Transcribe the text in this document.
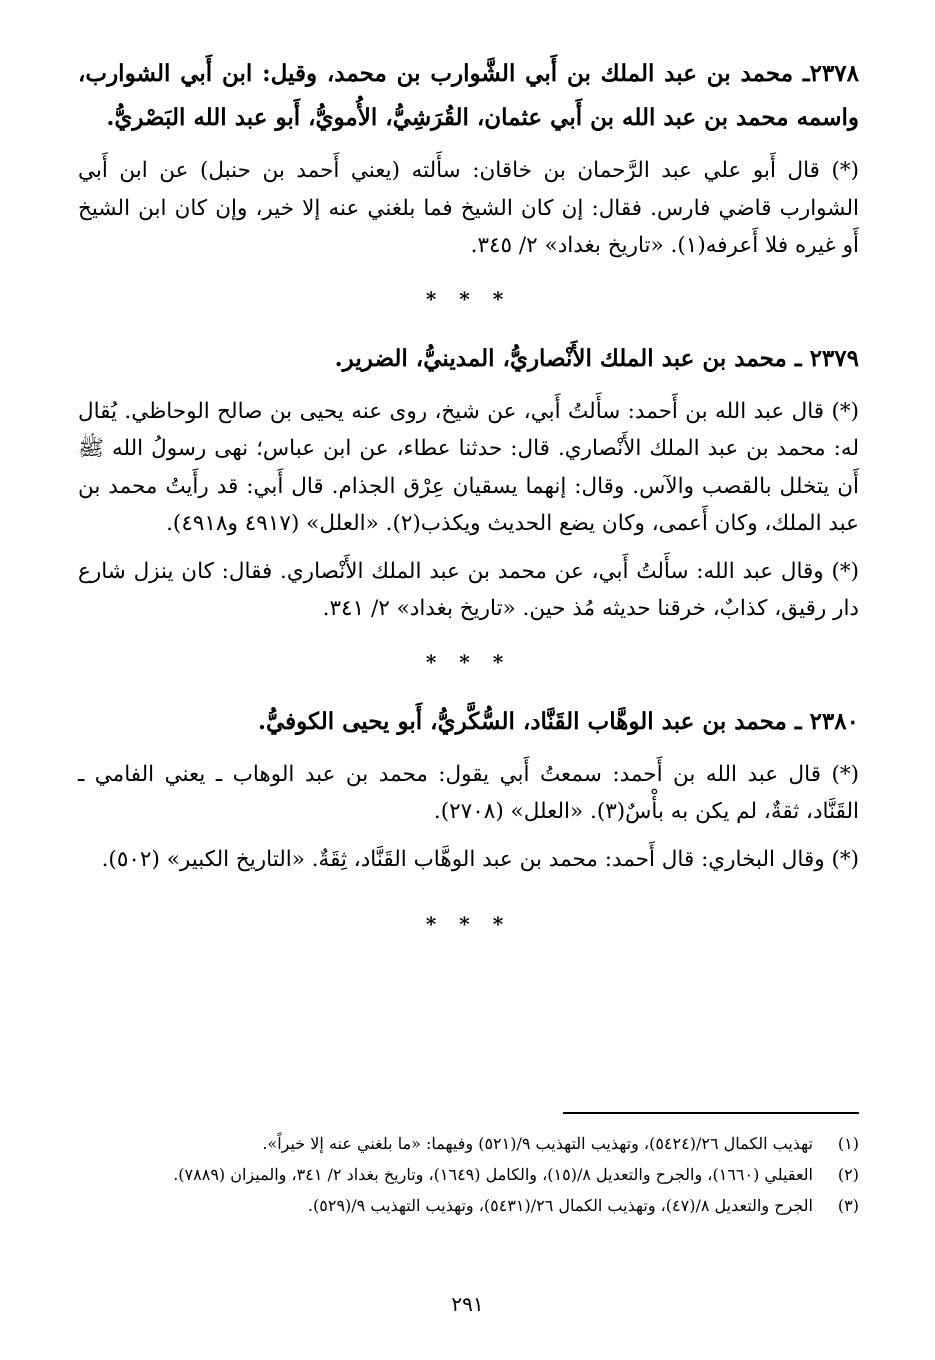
٢٣٧٨ـ محمد بن عبد الملك بن أَبي الشَّوارب بن محمد، وقيل: ابن أَبي الشوارب، واسمه محمد بن عبد الله بن أَبي عثمان، القُرَشِيُّ، الأُمويُّ، أَبو عبد الله البَصْريُّ.

(*) قال أَبو علي عبد الرَّحمان بن خاقان: سأَلته (يعني أَحمد بن حنبل) عن ابن أَبي الشوارب قاضي فارس. فقال: إن كان الشيخ فما بلغني عنه إلا خير، وإن كان ابن الشيخ أَو غيره فلا أَعرفه(١). «تاريخ بغداد» ٢/ ٣٤٥.

* * *

٢٣٧٩ ـ محمد بن عبد الملك الأَنْصاريُّ، المدينيُّ، الضرير.

(*) قال عبد الله بن أَحمد: سأَلتُ أَبي، عن شيخ، روى عنه يحيى بن صالح الوحاظي. يُقال له: محمد بن عبد الملك الأَنْصاري. قال: حدثنا عطاء، عن ابن عباس؛ نهى رسولُ الله ﷺ أَن يتخلل بالقصب والآس. وقال: إنهما يسقيان عِرْق الجذام. قال أَبي: قد رأَيتُ محمد بن عبد الملك، وكان أَعمى، وكان يضع الحديث ويكذب(٢). «العلل» (٤٩١٧ و٤٩١٨).

(*) وقال عبد الله: سأَلتُ أَبي، عن محمد بن عبد الملك الأَنْصاري. فقال: كان ينزل شارع دار رقيق، كذابٌ، خرقنا حديثه مُذ حين. «تاريخ بغداد» ٢/ ٣٤١.

* * *

٢٣٨٠ ـ محمد بن عبد الوهَّاب القَنَّاد، السُّكَّريُّ، أَبو يحيى الكوفيُّ.

(*) قال عبد الله بن أَحمد: سمعتُ أَبي يقول: محمد بن عبد الوهاب ـ يعني الفامي ـ القَنَّاد، ثقةٌ، لم يكن به بأْسٌ(٣). «العلل» (٢٧٠٨).

(*) وقال البخاري: قال أَحمد: محمد بن عبد الوهَّاب القَنَّاد، ثِقَةٌ. «التاريخ الكبير» (٥٠٢).

* * *
(١)
تهذيب الكمال ٢٦/(٥٤٢٤)، وتهذيب التهذيب ٩/(٥٢١) وفيهما: «ما بلغني عنه إلا خيراً».
(٢)
العقيلي (١٦٦٠)، والجرح والتعديل ٨/(١٥)، والكامل (١٦٤٩)، وتاريخ بغداد ٢/ ٣٤١، والميزان (٧٨٨٩).
(٣)
الجرح والتعديل ٨/(٤٧)، وتهذيب الكمال ٢٦/(٥٤٣١)، وتهذيب التهذيب ٩/(٥٢٩).
٢٩١
